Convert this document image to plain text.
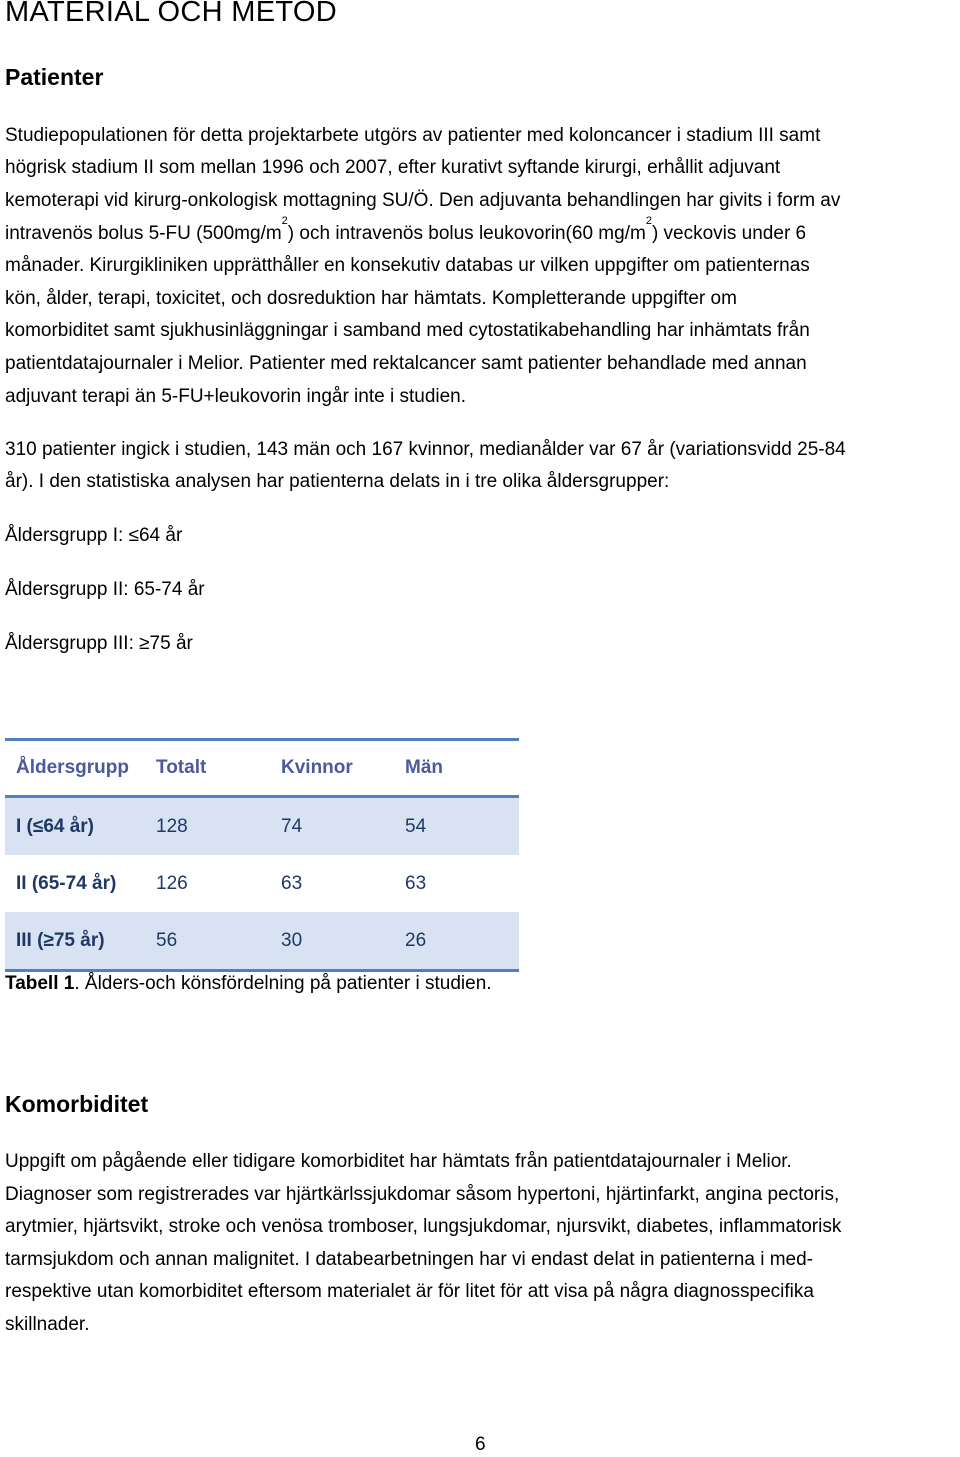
MATERIAL OCH METOD
Patienter
Studiepopulationen för detta projektarbete utgörs av patienter med koloncancer i stadium III samt
högrisk stadium II som mellan 1996 och 2007, efter kurativt syftande kirurgi, erhållit adjuvant
kemoterapi vid kirurg-onkologisk mottagning SU/Ö. Den adjuvanta behandlingen har givits i form av
intravenös bolus 5-FU $(500mg/m^2)$ och intravenös bolus leukovorin(60 $mg/m^2$) veckovis under 6
månader. Kirurgikliniken upprätthåller en konsekutiv databas ur vilken uppgifter om patienternas
kön, ålder, terapi, toxicitet, och dosreduktion har hämtats. Kompletterande uppgifter om
komorbiditet samt sjukhusinläggningar i samband med cytostatikabehandling har inhämtats från
patientdatajournaler i Melior. Patienter med rektalcancer samt patienter behandlade med annan
adjuvant terapi än 5-FU+leukovorin ingår inte i studien.
310 patienter ingick i studien, 143 män och 167 kvinnor, medianålder var 67 år (variationsvidd 25-84
år). I den statistiska analysen har patienterna delats in i tre olika åldersgrupper:
Åldersgrupp I: ≤64 år
Åldersgrupp II: 65-74 år
Åldersgrupp III: ≥75 år
Åldersgrupp	Totalt	Kvinnor	Män
I (≤64 år)	128	74	54
II (65-74 år)	126	63	63
III (≥75 år)	56	30	26
Tabell 1. Ålders-och könsfördelning på patienter i studien.
Komorbiditet
Uppgift om pågående eller tidigare komorbiditet har hämtats från patientdatajournaler i Melior.
Diagnoser som registrerades var hjärtkärlssjukdomar såsom hypertoni, hjärtinfarkt, angina pectoris,
arytmier, hjärtsvikt, stroke och venösa tromboser, lungsjukdomar, njursvikt, diabetes, inflammatorisk
tarmsjukdom och annan malignitet. I databearbetningen har vi endast delat in patienterna i med-
respektive utan komorbiditet eftersom materialet är för litet för att visa på några diagnosspecifika
skillnader.
6
